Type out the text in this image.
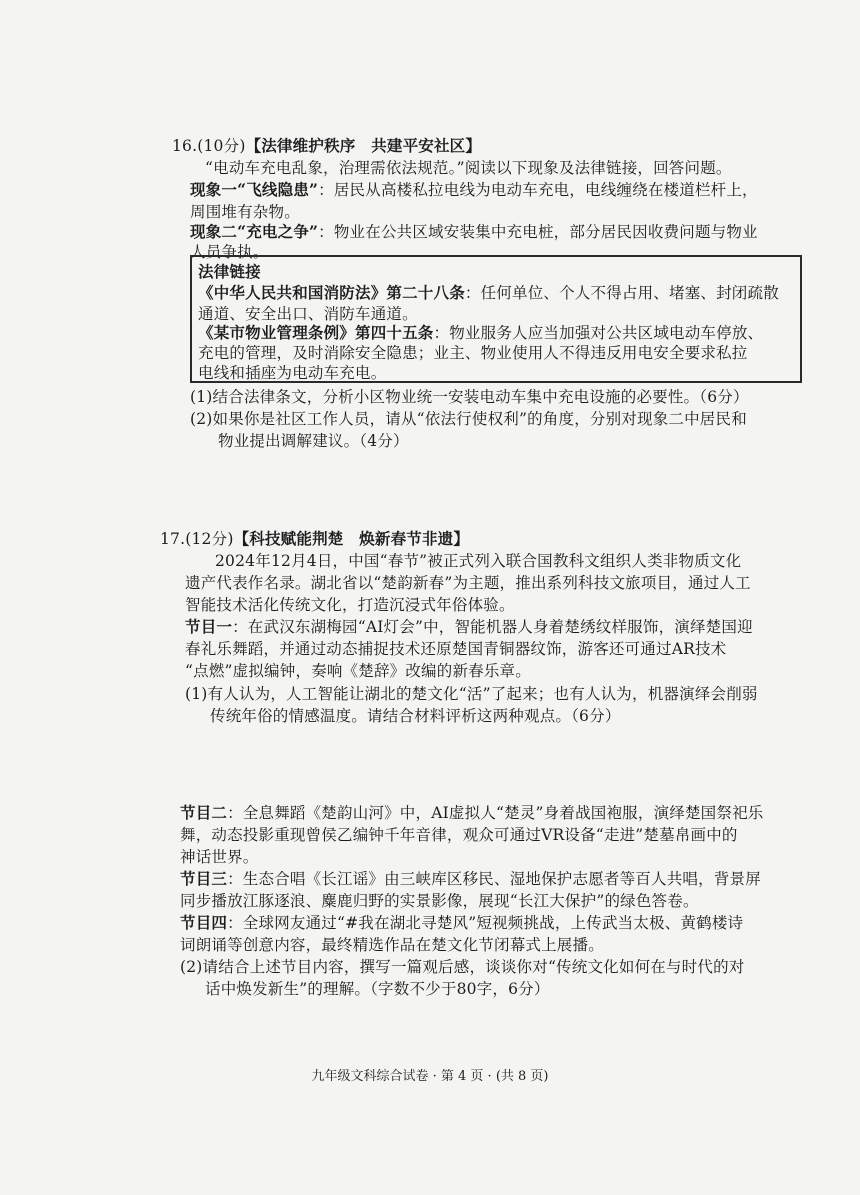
16.(10分)【法律维护秩序　共建平安社区】
“电动车充电乱象，治理需依法规范。”阅读以下现象及法律链接，回答问题。
现象一“飞线隐患”：居民从高楼私拉电线为电动车充电，电线缠绕在楼道栏杆上，
周围堆有杂物。
现象二“充电之争”：物业在公共区域安装集中充电桩，部分居民因收费问题与物业
人员争执。
法律链接
《中华人民共和国消防法》第二十八条：任何单位、个人不得占用、堵塞、封闭疏散
通道、安全出口、消防车通道。
《某市物业管理条例》第四十五条：物业服务人应当加强对公共区域电动车停放、
充电的管理，及时消除安全隐患；业主、物业使用人不得违反用电安全要求私拉
电线和插座为电动车充电。
(1)结合法律条文，分析小区物业统一安装电动车集中充电设施的必要性。（6分）
(2)如果你是社区工作人员，请从“依法行使权利”的角度，分别对现象二中居民和
物业提出调解建议。（4分）
17.(12分)【科技赋能荆楚　焕新春节非遗】
2024年12月4日，中国“春节”被正式列入联合国教科文组织人类非物质文化
遗产代表作名录。湖北省以“楚韵新春”为主题，推出系列科技文旅项目，通过人工
智能技术活化传统文化，打造沉浸式年俗体验。
节目一：在武汉东湖梅园“AI灯会”中，智能机器人身着楚绣纹样服饰，演绎楚国迎
春礼乐舞蹈，并通过动态捕捉技术还原楚国青铜器纹饰，游客还可通过AR技术
“点燃”虚拟编钟，奏响《楚辞》改编的新春乐章。
(1)有人认为，人工智能让湖北的楚文化“活”了起来；也有人认为，机器演绎会削弱
传统年俗的情感温度。请结合材料评析这两种观点。（6分）
节目二：全息舞蹈《楚韵山河》中，AI虚拟人“楚灵”身着战国袍服，演绎楚国祭祀乐
舞，动态投影重现曾侯乙编钟千年音律，观众可通过VR设备“走进”楚墓帛画中的
神话世界。
节目三：生态合唱《长江谣》由三峡库区移民、湿地保护志愿者等百人共唱，背景屏
同步播放江豚逐浪、麋鹿归野的实景影像，展现“长江大保护”的绿色答卷。
节目四：全球网友通过“#我在湖北寻楚风”短视频挑战，上传武当太极、黄鹤楼诗
词朗诵等创意内容，最终精选作品在楚文化节闭幕式上展播。
(2)请结合上述节目内容，撰写一篇观后感，谈谈你对“传统文化如何在与时代的对
话中焕发新生”的理解。（字数不少于80字，6分）
九年级文科综合试卷 · 第 4 页 · (共 8 页)
